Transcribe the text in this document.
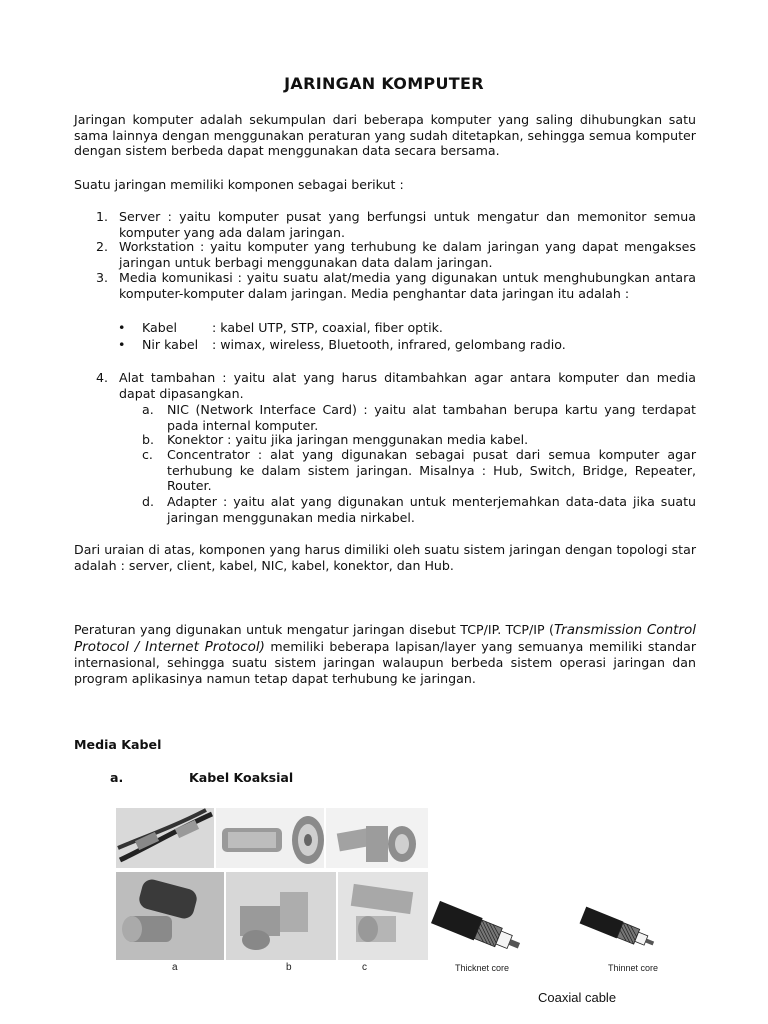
JARINGAN KOMPUTER
Jaringan komputer adalah sekumpulan dari beberapa komputer yang saling dihubungkan satu sama lainnya dengan menggunakan peraturan yang sudah ditetapkan, sehingga semua komputer dengan sistem berbeda dapat menggunakan data secara bersama.
Suatu jaringan memiliki komponen sebagai berikut :
1. Server : yaitu komputer pusat yang berfungsi untuk mengatur dan memonitor semua komputer yang ada dalam jaringan.
2. Workstation : yaitu komputer yang terhubung ke dalam jaringan yang dapat mengakses jaringan untuk berbagi menggunakan data dalam jaringan.
3. Media komunikasi : yaitu suatu alat/media yang digunakan untuk menghubungkan antara komputer-komputer dalam jaringan. Media penghantar data jaringan itu adalah :
• Kabel	: kabel UTP, STP, coaxial, fiber optik.
• Nir kabel : wimax, wireless, Bluetooth, infrared, gelombang radio.
4. Alat tambahan : yaitu alat yang harus ditambahkan agar antara komputer dan media dapat dipasangkan.
a. NIC (Network Interface Card) : yaitu alat tambahan berupa kartu yang terdapat pada internal komputer.
b. Konektor : yaitu jika jaringan menggunakan media kabel.
c. Concentrator : alat yang digunakan sebagai pusat dari semua komputer agar terhubung ke dalam sistem jaringan. Misalnya : Hub, Switch, Bridge, Repeater, Router.
d. Adapter : yaitu alat yang digunakan untuk menterjemahkan data-data jika suatu jaringan menggunakan media nirkabel.
Dari uraian di atas, komponen yang harus dimiliki oleh suatu sistem jaringan dengan topologi star adalah : server, client, kabel, NIC, kabel, konektor, dan Hub.
Peraturan yang digunakan untuk mengatur jaringan disebut TCP/IP. TCP/IP (Transmission Control Protocol / Internet Protocol) memiliki beberapa lapisan/layer yang semuanya memiliki standar internasional, sehingga suatu sistem jaringan walaupun berbeda sistem operasi jaringan dan program aplikasinya namun tetap dapat terhubung ke jaringan.
Media Kabel
a.	Kabel Koaksial
a	b	c	Thicknet core	Thinnet core
Coaxial cable
